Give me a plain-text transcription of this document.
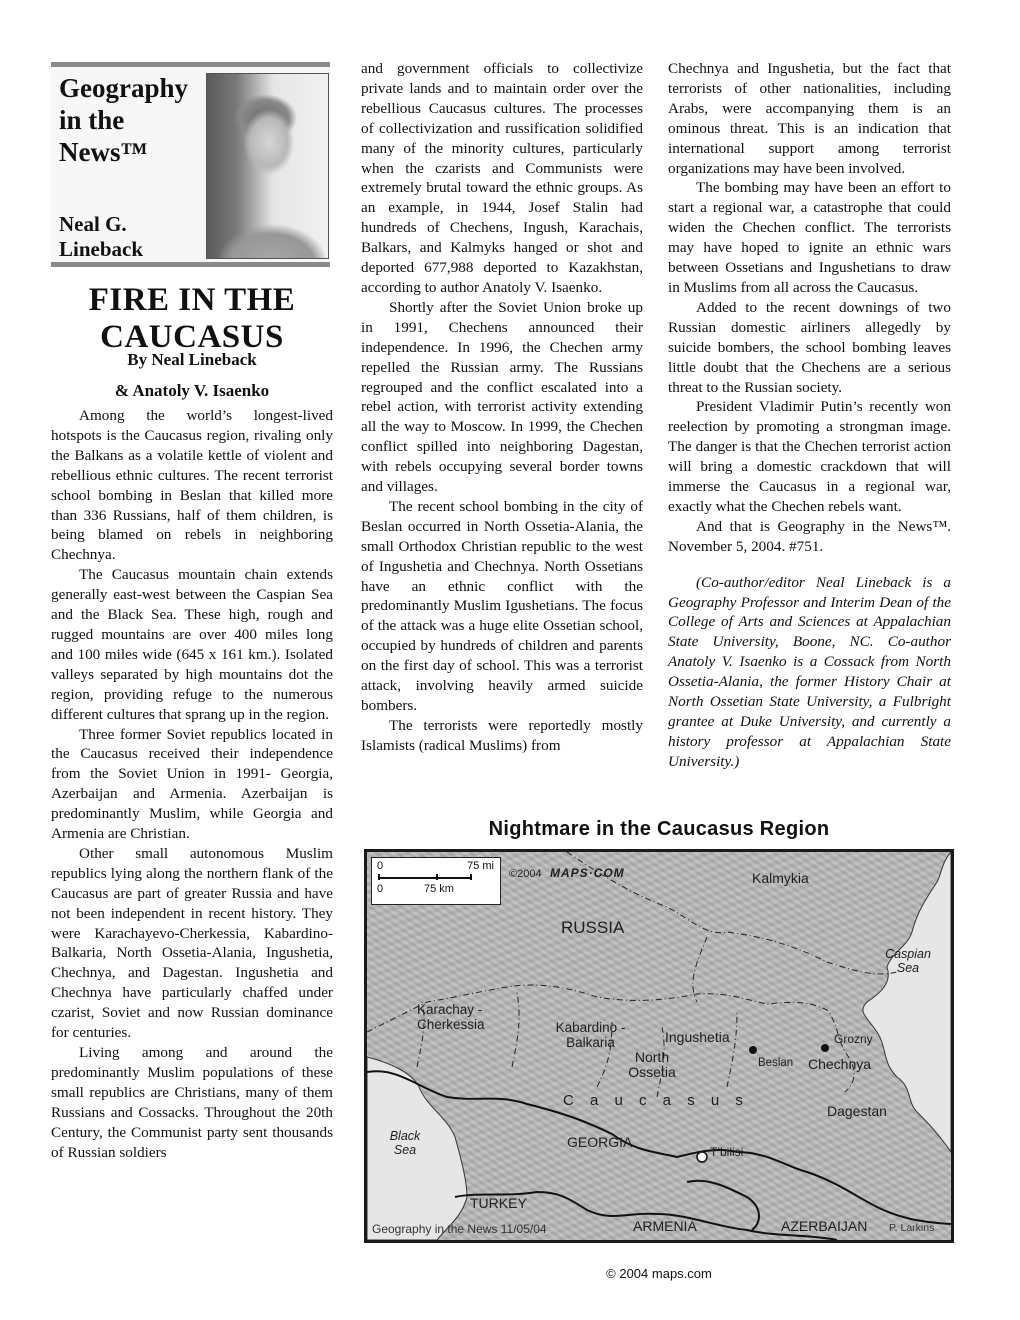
Geography in the News™
Neal G. Lineback
FIRE IN THE CAUCASUS
By Neal Lineback
& Anatoly V. Isaenko

Among the world’s longest-lived hotspots is the Caucasus region, rivaling only the Balkans as a volatile kettle of violent and rebellious ethnic cultures. The recent terrorist school bombing in Beslan that killed more than 336 Russians, half of them children, is being blamed on rebels in neighboring Chechnya.

The Caucasus mountain chain extends generally east-west between the Caspian Sea and the Black Sea. These high, rough and rugged mountains are over 400 miles long and 100 miles wide (645 x 161 km.). Isolated valleys separated by high mountains dot the region, providing refuge to the numerous different cultures that sprang up in the region.

Three former Soviet republics located in the Caucasus received their independence from the Soviet Union in 1991- Georgia, Azerbaijan and Armenia. Azerbaijan is predominantly Muslim, while Georgia and Armenia are Christian.

Other small autonomous Muslim republics lying along the northern flank of the Caucasus are part of greater Russia and have not been independent in recent history. They were Karachayevo-Cherkessia, Kabardino-Balkaria, North Ossetia-Alania, Ingushetia, Chechnya, and Dagestan. Ingushetia and Chechnya have particularly chaffed under czarist, Soviet and now Russian dominance for centuries.

Living among and around the predominantly Muslim populations of these small republics are Christians, many of them Russians and Cossacks. Throughout the 20th Century, the Communist party sent thousands of Russian soldiers

and government officials to collectivize private lands and to maintain order over the rebellious Caucasus cultures. The processes of collectivization and russification solidified many of the minority cultures, particularly when the czarists and Communists were extremely brutal toward the ethnic groups. As an example, in 1944, Josef Stalin had hundreds of Chechens, Ingush, Karachais, Balkars, and Kalmyks hanged or shot and deported 677,988 deported to Kazakhstan, according to author Anatoly V. Isaenko.

Shortly after the Soviet Union broke up in 1991, Chechens announced their independence. In 1996, the Chechen army repelled the Russian army. The Russians regrouped and the conflict escalated into a rebel action, with terrorist activity extending all the way to Moscow. In 1999, the Chechen conflict spilled into neighboring Dagestan, with rebels occupying several border towns and villages.

The recent school bombing in the city of Beslan occurred in North Ossetia-Alania, the small Orthodox Christian republic to the west of Ingushetia and Chechnya. North Ossetians have an ethnic conflict with the predominantly Muslim Igushetians. The focus of the attack was a huge elite Ossetian school, occupied by hundreds of children and parents on the first day of school. This was a terrorist attack, involving heavily armed suicide bombers.

The terrorists were reportedly mostly Islamists (radical Muslims) from

Chechnya and Ingushetia, but the fact that terrorists of other nationalities, including Arabs, were accompanying them is an ominous threat. This is an indication that international support among terrorist organizations may have been involved.

The bombing may have been an effort to start a regional war, a catastrophe that could widen the Chechen conflict. The terrorists may have hoped to ignite an ethnic wars between Ossetians and Ingushetians to draw in Muslims from all across the Caucasus.

Added to the recent downings of two Russian domestic airliners allegedly by suicide bombers, the school bombing leaves little doubt that the Chechens are a serious threat to the Russian society.

President Vladimir Putin’s recently won reelection by promoting a strongman image. The danger is that the Chechen terrorist action will bring a domestic crackdown that will immerse the Caucasus in a regional war, exactly what the Chechen rebels want.

And that is Geography in the News™. November 5, 2004. #751.

(Co-author/editor Neal Lineback is a Geography Professor and Interim Dean of the College of Arts and Sciences at Appalachian State University, Boone, NC. Co-author Anatoly V. Isaenko is a Cossack from North Ossetia-Alania, the former History Chair at North Ossetian State University, a Fulbright grantee at Duke University, and currently a history professor at Appalachian State University.)

Nightmare in the Caucasus Region
0	75 mi
0	75 km
©2004 MAPS·COM
RUSSIA
Kalmykia
Caspian Sea
Karachay - Cherkessia	Kabardino - Balkaria	Ingushetia	Grozny
North Ossetia
Beslan Chechnya
C a u c a s u s
Dagestan
Black Sea	GEORGIA
T’bilisi
TURKEY
ARMENIA	AZERBAIJAN
Geography in the News 11/05/04	P. Larkins
© 2004 maps.com
